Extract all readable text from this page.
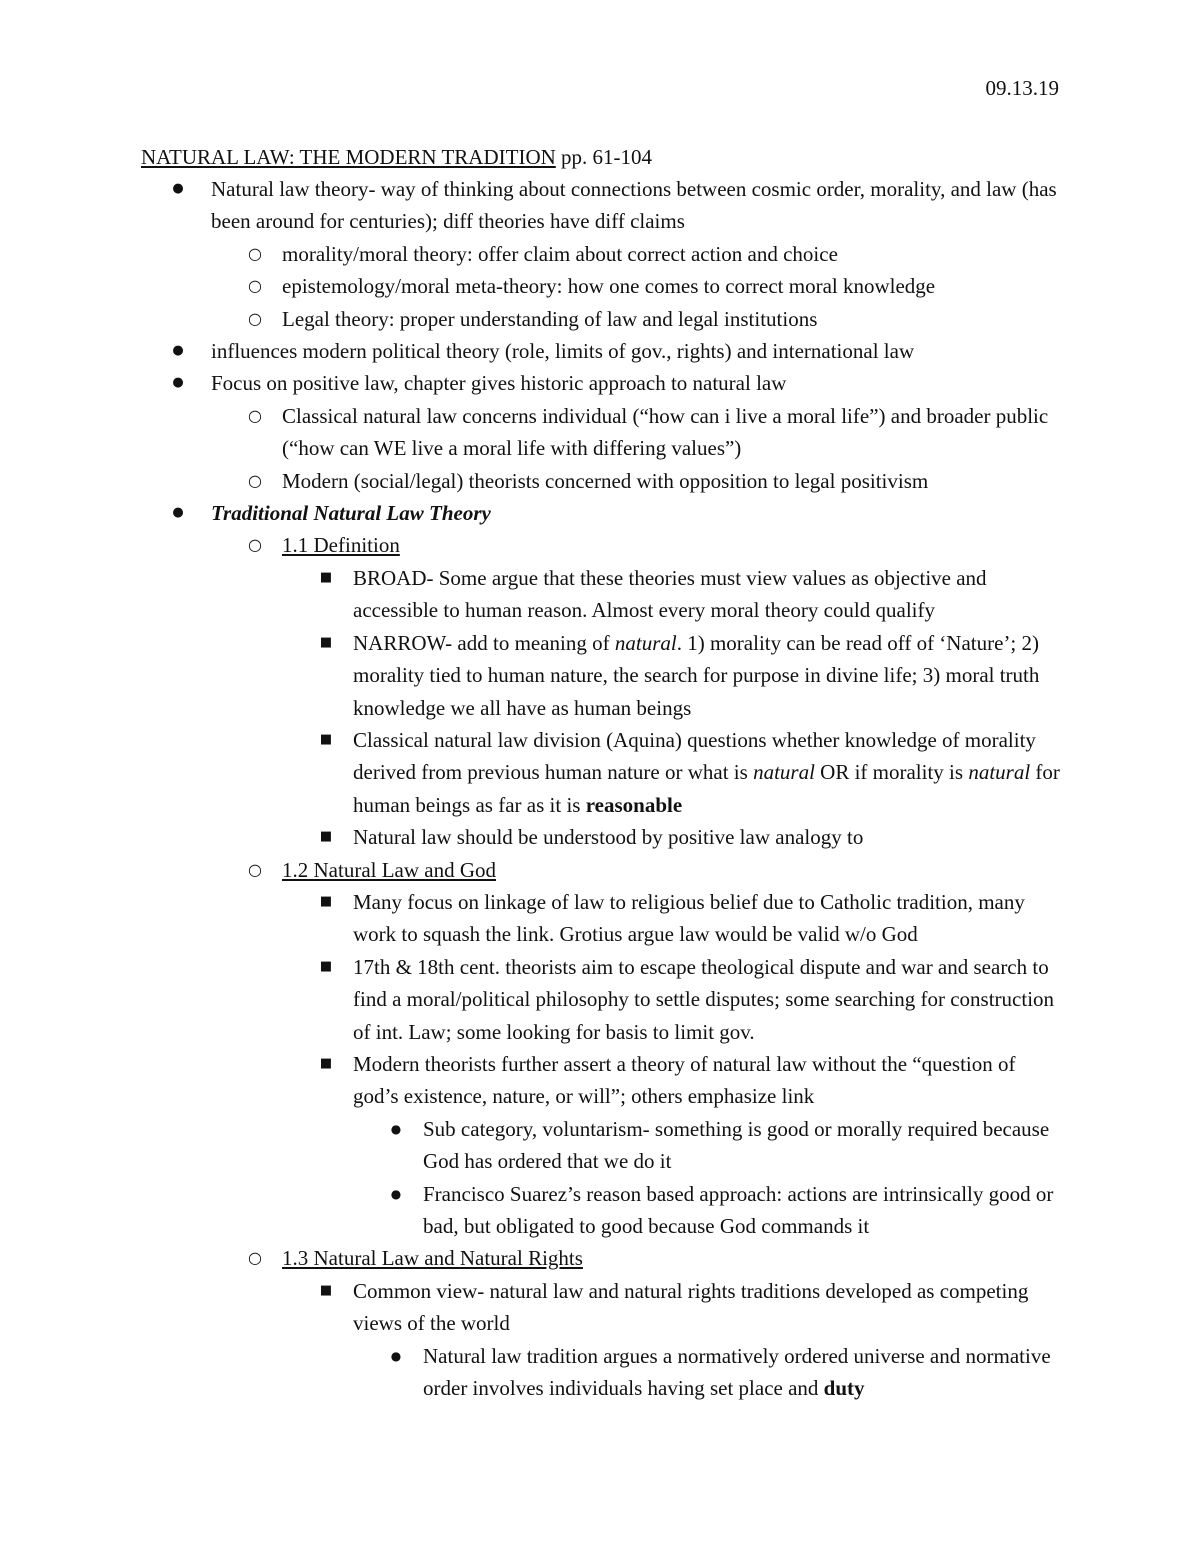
09.13.19
NATURAL LAW: THE MODERN TRADITION pp. 61-104
● Natural law theory- way of thinking about connections between cosmic order, morality, and law (has been around for centuries); diff theories have diff claims
○ morality/moral theory: offer claim about correct action and choice
○ epistemology/moral meta-theory: how one comes to correct moral knowledge
○ Legal theory: proper understanding of law and legal institutions
● influences modern political theory (role, limits of gov., rights) and international law
● Focus on positive law, chapter gives historic approach to natural law
○ Classical natural law concerns individual (“how can i live a moral life”) and broader public (“how can WE live a moral life with differing values”)
○ Modern (social/legal) theorists concerned with opposition to legal positivism
● Traditional Natural Law Theory
○ 1.1 Definition
■ BROAD- Some argue that these theories must view values as objective and accessible to human reason. Almost every moral theory could qualify
■ NARROW- add to meaning of natural. 1) morality can be read off of ‘Nature’; 2) morality tied to human nature, the search for purpose in divine life; 3) moral truth knowledge we all have as human beings
■ Classical natural law division (Aquina) questions whether knowledge of morality derived from previous human nature or what is natural OR if morality is natural for human beings as far as it is reasonable
■ Natural law should be understood by positive law analogy to
○ 1.2 Natural Law and God
■ Many focus on linkage of law to religious belief due to Catholic tradition, many work to squash the link. Grotius argue law would be valid w/o God
■ 17th & 18th cent. theorists aim to escape theological dispute and war and search to find a moral/political philosophy to settle disputes; some searching for construction of int. Law; some looking for basis to limit gov.
■ Modern theorists further assert a theory of natural law without the “question of god’s existence, nature, or will”; others emphasize link
● Sub category, voluntarism- something is good or morally required because God has ordered that we do it
● Francisco Suarez’s reason based approach: actions are intrinsically good or bad, but obligated to good because God commands it
○ 1.3 Natural Law and Natural Rights
■ Common view- natural law and natural rights traditions developed as competing views of the world
● Natural law tradition argues a normatively ordered universe and normative order involves individuals having set place and duty
